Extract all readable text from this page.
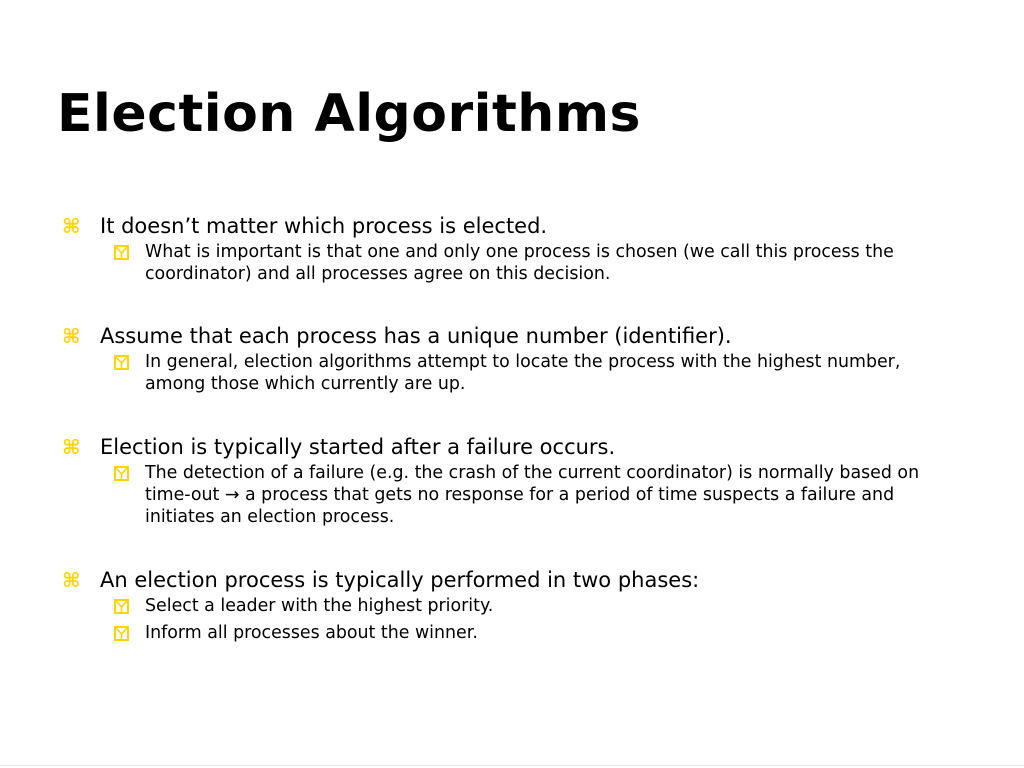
Election Algorithms
⌘ It doesn’t matter which process is elected.
What is important is that one and only one process is chosen (we call this process the coordinator) and all processes agree on this decision.
⌘ Assume that each process has a unique number (identifier).
In general, election algorithms attempt to locate the process with the highest number, among those which currently are up.
⌘ Election is typically started after a failure occurs.
The detection of a failure (e.g. the crash of the current coordinator) is normally based on time-out → a process that gets no response for a period of time suspects a failure and initiates an election process.
⌘ An election process is typically performed in two phases:
Select a leader with the highest priority.
Inform all processes about the winner.
